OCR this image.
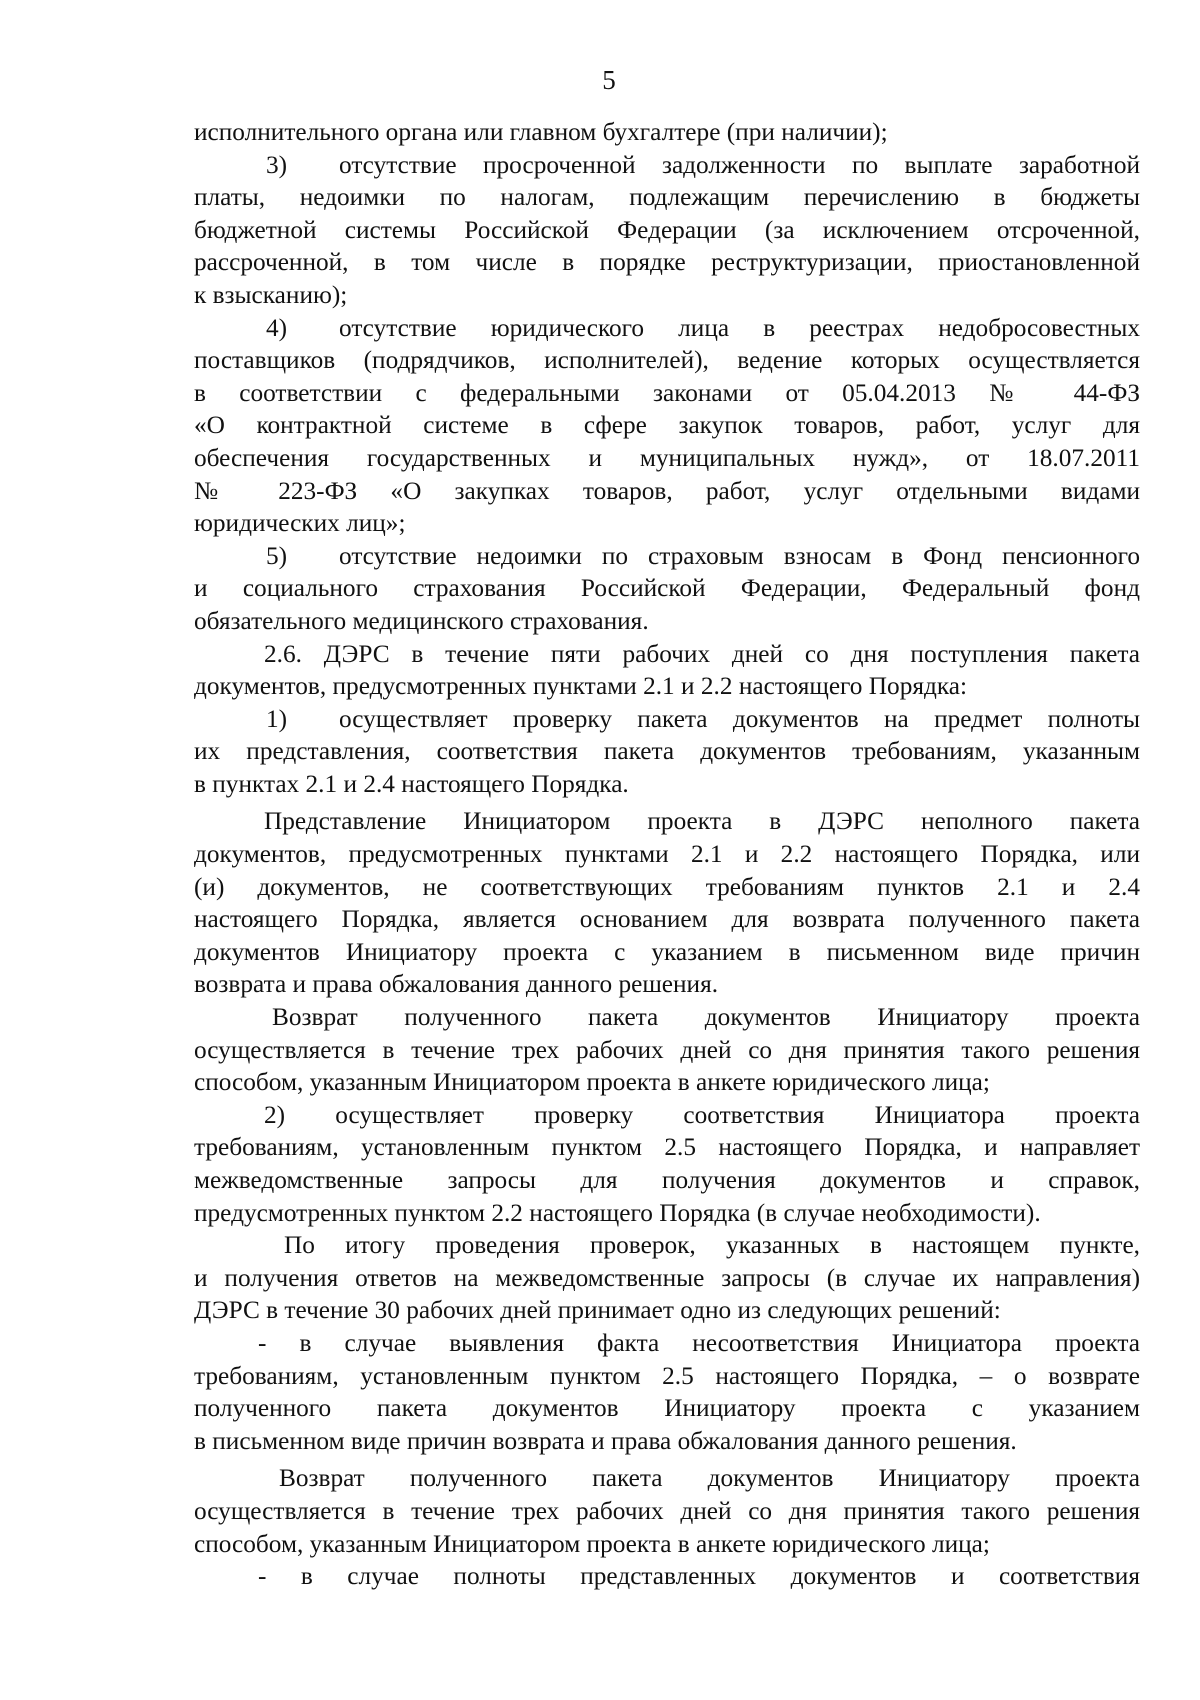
5
исполнительного органа или главном бухгалтере (при наличии);
3)	отсутствие просроченной задолженности по выплате заработной
платы, недоимки по налогам, подлежащим перечислению в бюджеты
бюджетной системы Российской Федерации (за исключением отсроченной,
рассроченной, в том числе в порядке реструктуризации, приостановленной
к взысканию);
4)	отсутствие юридического лица в реестрах недобросовестных
поставщиков (подрядчиков, исполнителей), ведение которых осуществляется
в соответствии с федеральными законами от 05.04.2013 № 44-ФЗ
«О контрактной системе в сфере закупок товаров, работ, услуг для
обеспечения государственных и муниципальных нужд», от 18.07.2011
№ 223-ФЗ «О закупках товаров, работ, услуг отдельными видами
юридических лиц»;
5)	отсутствие недоимки по страховым взносам в Фонд пенсионного
и социального страхования Российской Федерации, Федеральный фонд
обязательного медицинского страхования.
2.6. ДЭРС в течение пяти рабочих дней со дня поступления пакета
документов, предусмотренных пунктами 2.1 и 2.2 настоящего Порядка:
1)	осуществляет проверку пакета документов на предмет полноты
их представления, соответствия пакета документов требованиям, указанным
в пунктах 2.1 и 2.4 настоящего Порядка.
Представление Инициатором проекта в ДЭРС неполного пакета
документов, предусмотренных пунктами 2.1 и 2.2 настоящего Порядка, или
(и) документов, не соответствующих требованиям пунктов 2.1 и 2.4
настоящего Порядка, является основанием для возврата полученного пакета
документов Инициатору проекта с указанием в письменном виде причин
возврата и права обжалования данного решения.
Возврат полученного пакета документов Инициатору проекта
осуществляется в течение трех рабочих дней со дня принятия такого решения
способом, указанным Инициатором проекта в анкете юридического лица;
2) осуществляет проверку соответствия Инициатора проекта
требованиям, установленным пунктом 2.5 настоящего Порядка, и направляет
межведомственные запросы для получения документов и справок,
предусмотренных пунктом 2.2 настоящего Порядка (в случае необходимости).
По итогу проведения проверок, указанных в настоящем пункте,
и получения ответов на межведомственные запросы (в случае их направления)
ДЭРС в течение 30 рабочих дней принимает одно из следующих решений:
- в случае выявления факта несоответствия Инициатора проекта
требованиям, установленным пунктом 2.5 настоящего Порядка, – о возврате
полученного пакета документов Инициатору проекта с указанием
в письменном виде причин возврата и права обжалования данного решения.
Возврат полученного пакета документов Инициатору проекта
осуществляется в течение трех рабочих дней со дня принятия такого решения
способом, указанным Инициатором проекта в анкете юридического лица;
- в случае полноты представленных документов и соответствия
